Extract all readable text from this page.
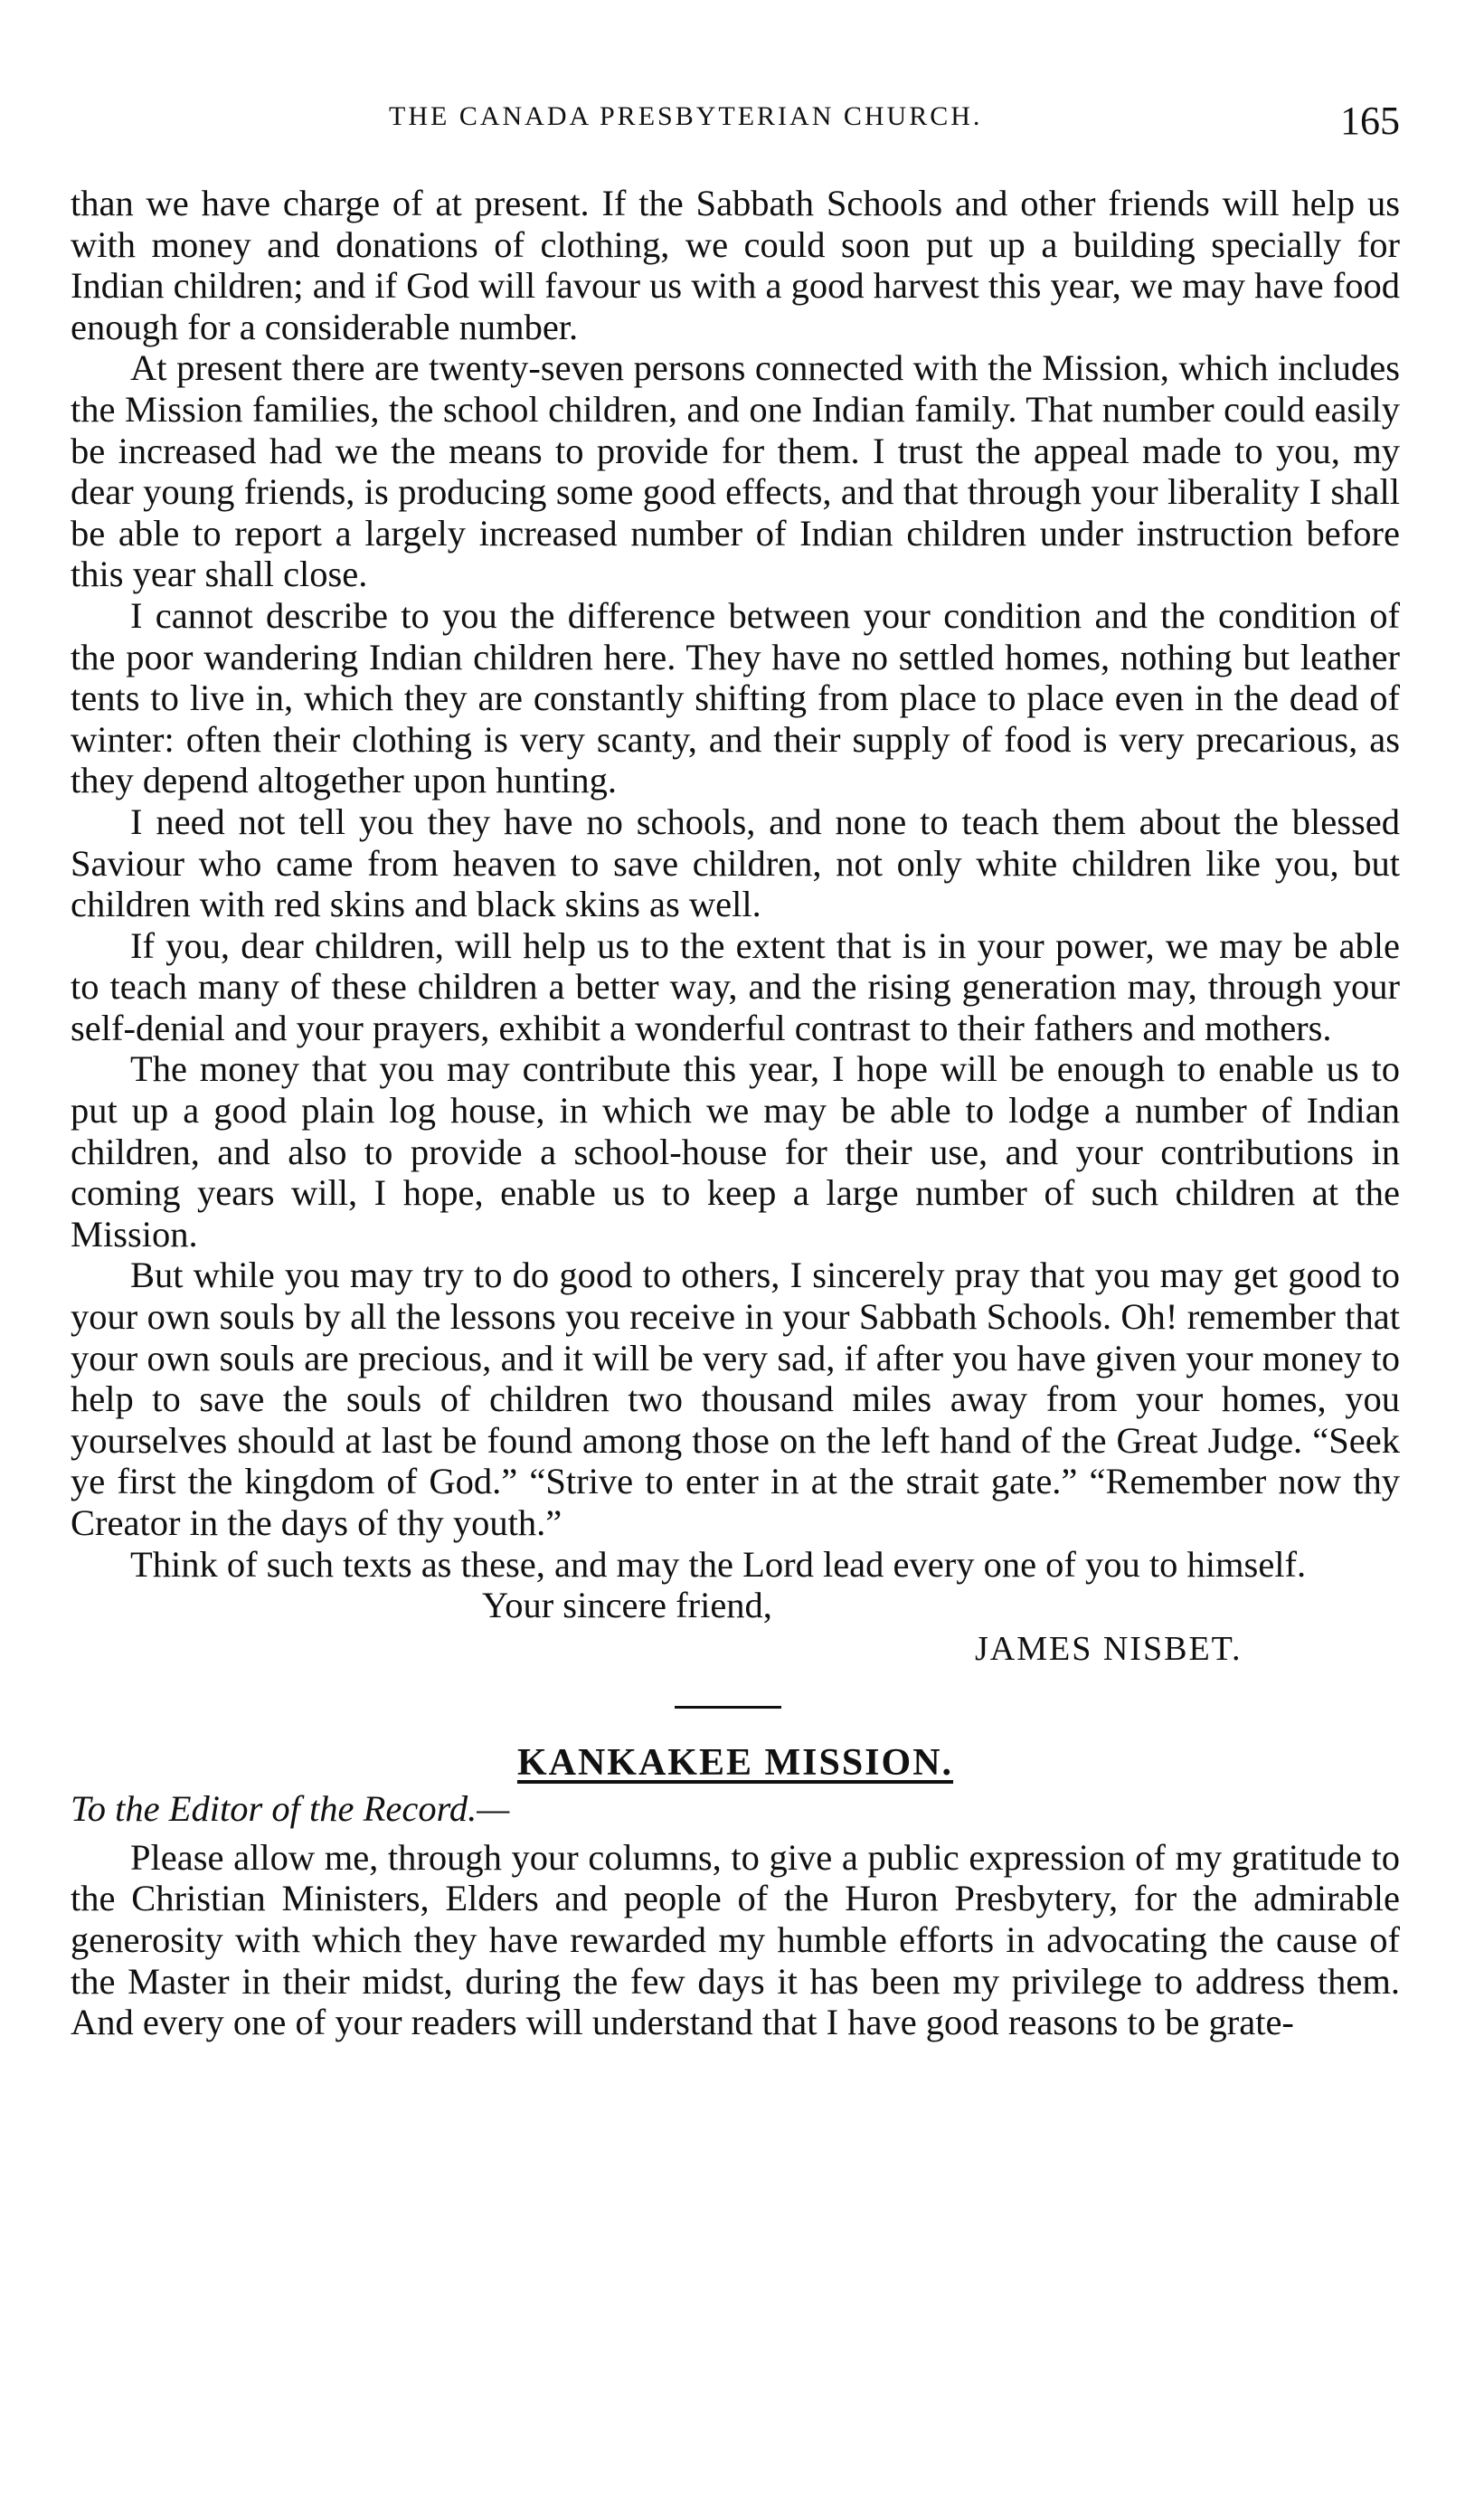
THE CANADA PRESBYTERIAN CHURCH.	165

than we have charge of at present. If the Sabbath Schools and other friends will help us with money and donations of clothing, we could soon put up a building specially for Indian children; and if God will favour us with a good harvest this year, we may have food enough for a considerable number.

At present there are twenty-seven persons connected with the Mission, which includes the Mission families, the school children, and one Indian family. That number could easily be increased had we the means to provide for them. I trust the appeal made to you, my dear young friends, is producing some good effects, and that through your liberality I shall be able to report a largely increased number of Indian children under instruction before this year shall close.

I cannot describe to you the difference between your condition and the condition of the poor wandering Indian children here. They have no settled homes, nothing but leather tents to live in, which they are constantly shifting from place to place even in the dead of winter: often their clothing is very scanty, and their supply of food is very precarious, as they depend altogether upon hunting.

I need not tell you they have no schools, and none to teach them about the blessed Saviour who came from heaven to save children, not only white children like you, but children with red skins and black skins as well.

If you, dear children, will help us to the extent that is in your power, we may be able to teach many of these children a better way, and the rising generation may, through your self-denial and your prayers, exhibit a wonderful contrast to their fathers and mothers.

The money that you may contribute this year, I hope will be enough to enable us to put up a good plain log house, in which we may be able to lodge a number of Indian children, and also to provide a school-house for their use, and your contributions in coming years will, I hope, enable us to keep a large number of such children at the Mission.

But while you may try to do good to others, I sincerely pray that you may get good to your own souls by all the lessons you receive in your Sabbath Schools. Oh! remember that your own souls are precious, and it will be very sad, if after you have given your money to help to save the souls of children two thousand miles away from your homes, you yourselves should at last be found among those on the left hand of the Great Judge. “Seek ye first the kingdom of God.” “Strive to enter in at the strait gate.” “Remember now thy Creator in the days of thy youth.”

Think of such texts as these, and may the Lord lead every one of you to himself.

Your sincere friend,

JAMES NISBET.

KANKAKEE MISSION.

To the Editor of the Record.—

Please allow me, through your columns, to give a public expression of my gratitude to the Christian Ministers, Elders and people of the Huron Presbytery, for the admirable generosity with which they have rewarded my humble efforts in advocating the cause of the Master in their midst, during the few days it has been my privilege to address them. And every one of your readers will understand that I have good reasons to be grate-
